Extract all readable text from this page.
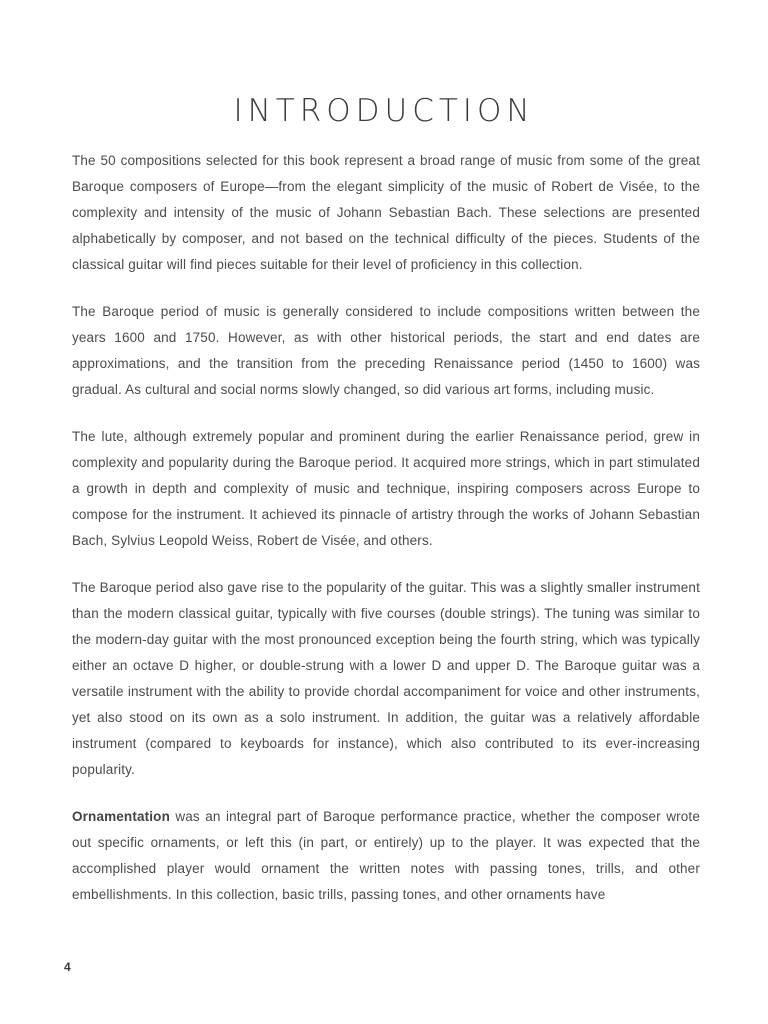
INTRODUCTION

The 50 compositions selected for this book represent a broad range of music from some of the great Baroque composers of Europe—from the elegant simplicity of the music of Robert de Visée, to the complexity and intensity of the music of Johann Sebastian Bach. These selections are presented alphabetically by composer, and not based on the technical difficulty of the pieces. Students of the classical guitar will find pieces suitable for their level of proficiency in this collection.

The Baroque period of music is generally considered to include compositions written between the years 1600 and 1750. However, as with other historical periods, the start and end dates are approximations, and the transition from the preceding Renaissance period (1450 to 1600) was gradual. As cultural and social norms slowly changed, so did various art forms, including music.

The lute, although extremely popular and prominent during the earlier Renaissance period, grew in complexity and popularity during the Baroque period. It acquired more strings, which in part stimulated a growth in depth and complexity of music and technique, inspiring composers across Europe to compose for the instrument. It achieved its pinnacle of artistry through the works of Johann Sebastian Bach, Sylvius Leopold Weiss, Robert de Visée, and others.

The Baroque period also gave rise to the popularity of the guitar. This was a slightly smaller instrument than the modern classical guitar, typically with five courses (double strings). The tuning was similar to the modern-day guitar with the most pronounced exception being the fourth string, which was typically either an octave D higher, or double-strung with a lower D and upper D. The Baroque guitar was a versatile instrument with the ability to provide chordal accompaniment for voice and other instruments, yet also stood on its own as a solo instrument. In addition, the guitar was a relatively affordable instrument (compared to keyboards for instance), which also contributed to its ever-increasing popularity.

Ornamentation was an integral part of Baroque performance practice, whether the composer wrote out specific ornaments, or left this (in part, or entirely) up to the player. It was expected that the accomplished player would ornament the written notes with passing tones, trills, and other embellishments. In this collection, basic trills, passing tones, and other ornaments have

4
